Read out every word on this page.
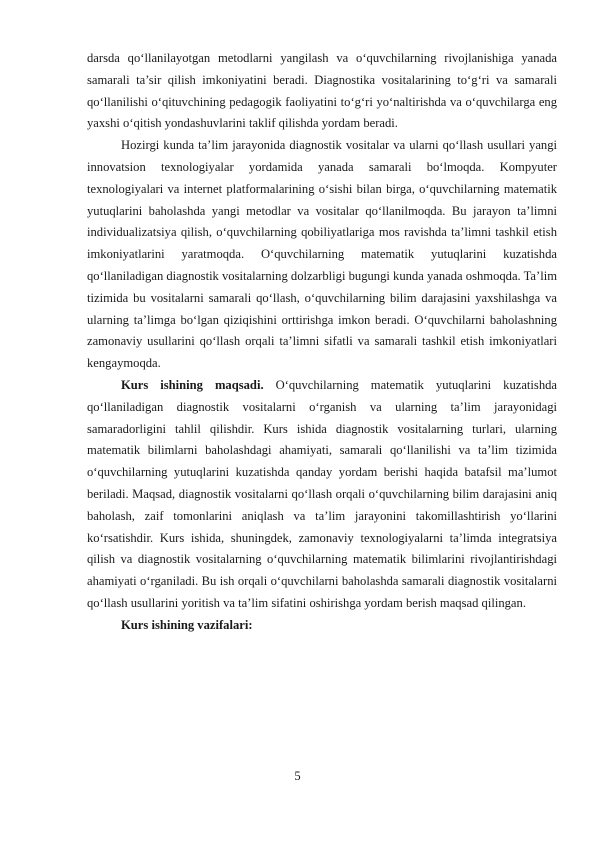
darsda qo‘llanilayotgan metodlarni yangilash va o‘quvchilarning rivojlanishiga yanada samarali ta’sir qilish imkoniyatini beradi. Diagnostika vositalarining to‘g‘ri va samarali qo‘llanilishi o‘qituvchining pedagogik faoliyatini to‘g‘ri yo‘naltirishda va o‘quvchilarga eng yaxshi o‘qitish yondashuvlarini taklif qilishda yordam beradi.

Hozirgi kunda ta’lim jarayonida diagnostik vositalar va ularni qo‘llash usullari yangi innovatsion texnologiyalar yordamida yanada samarali bo‘lmoqda. Kompyuter texnologiyalari va internet platformalarining o‘sishi bilan birga, o‘quvchilarning matematik yutuqlarini baholashda yangi metodlar va vositalar qo‘llanilmoqda. Bu jarayon ta’limni individualizatsiya qilish, o‘quvchilarning qobiliyatlariga mos ravishda ta’limni tashkil etish imkoniyatlarini yaratmoqda. O‘quvchilarning matematik yutuqlarini kuzatishda qo‘llaniladigan diagnostik vositalarning dolzarbligi bugungi kunda yanada oshmoqda. Ta’lim tizimida bu vositalarni samarali qo‘llash, o‘quvchilarning bilim darajasini yaxshilashga va ularning ta’limga bo‘lgan qiziqishini orttirishga imkon beradi. O‘quvchilarni baholashning zamonaviy usullarini qo‘llash orqali ta’limni sifatli va samarali tashkil etish imkoniyatlari kengaymoqda.

Kurs ishining maqsadi. O‘quvchilarning matematik yutuqlarini kuzatishda qo‘llaniladigan diagnostik vositalarni o‘rganish va ularning ta’lim jarayonidagi samaradorligini tahlil qilishdir. Kurs ishida diagnostik vositalarning turlari, ularning matematik bilimlarni baholashdagi ahamiyati, samarali qo‘llanilishi va ta’lim tizimida o‘quvchilarning yutuqlarini kuzatishda qanday yordam berishi haqida batafsil ma’lumot beriladi. Maqsad, diagnostik vositalarni qo‘llash orqali o‘quvchilarning bilim darajasini aniq baholash, zaif tomonlarini aniqlash va ta’lim jarayonini takomillashtirish yo‘llarini ko‘rsatishdir. Kurs ishida, shuningdek, zamonaviy texnologiyalarni ta’limda integratsiya qilish va diagnostik vositalarning o‘quvchilarning matematik bilimlarini rivojlantirishdagi ahamiyati o‘rganiladi. Bu ish orqali o‘quvchilarni baholashda samarali diagnostik vositalarni qo‘llash usullarini yoritish va ta’lim sifatini oshirishga yordam berish maqsad qilingan.

Kurs ishining vazifalari:

5
